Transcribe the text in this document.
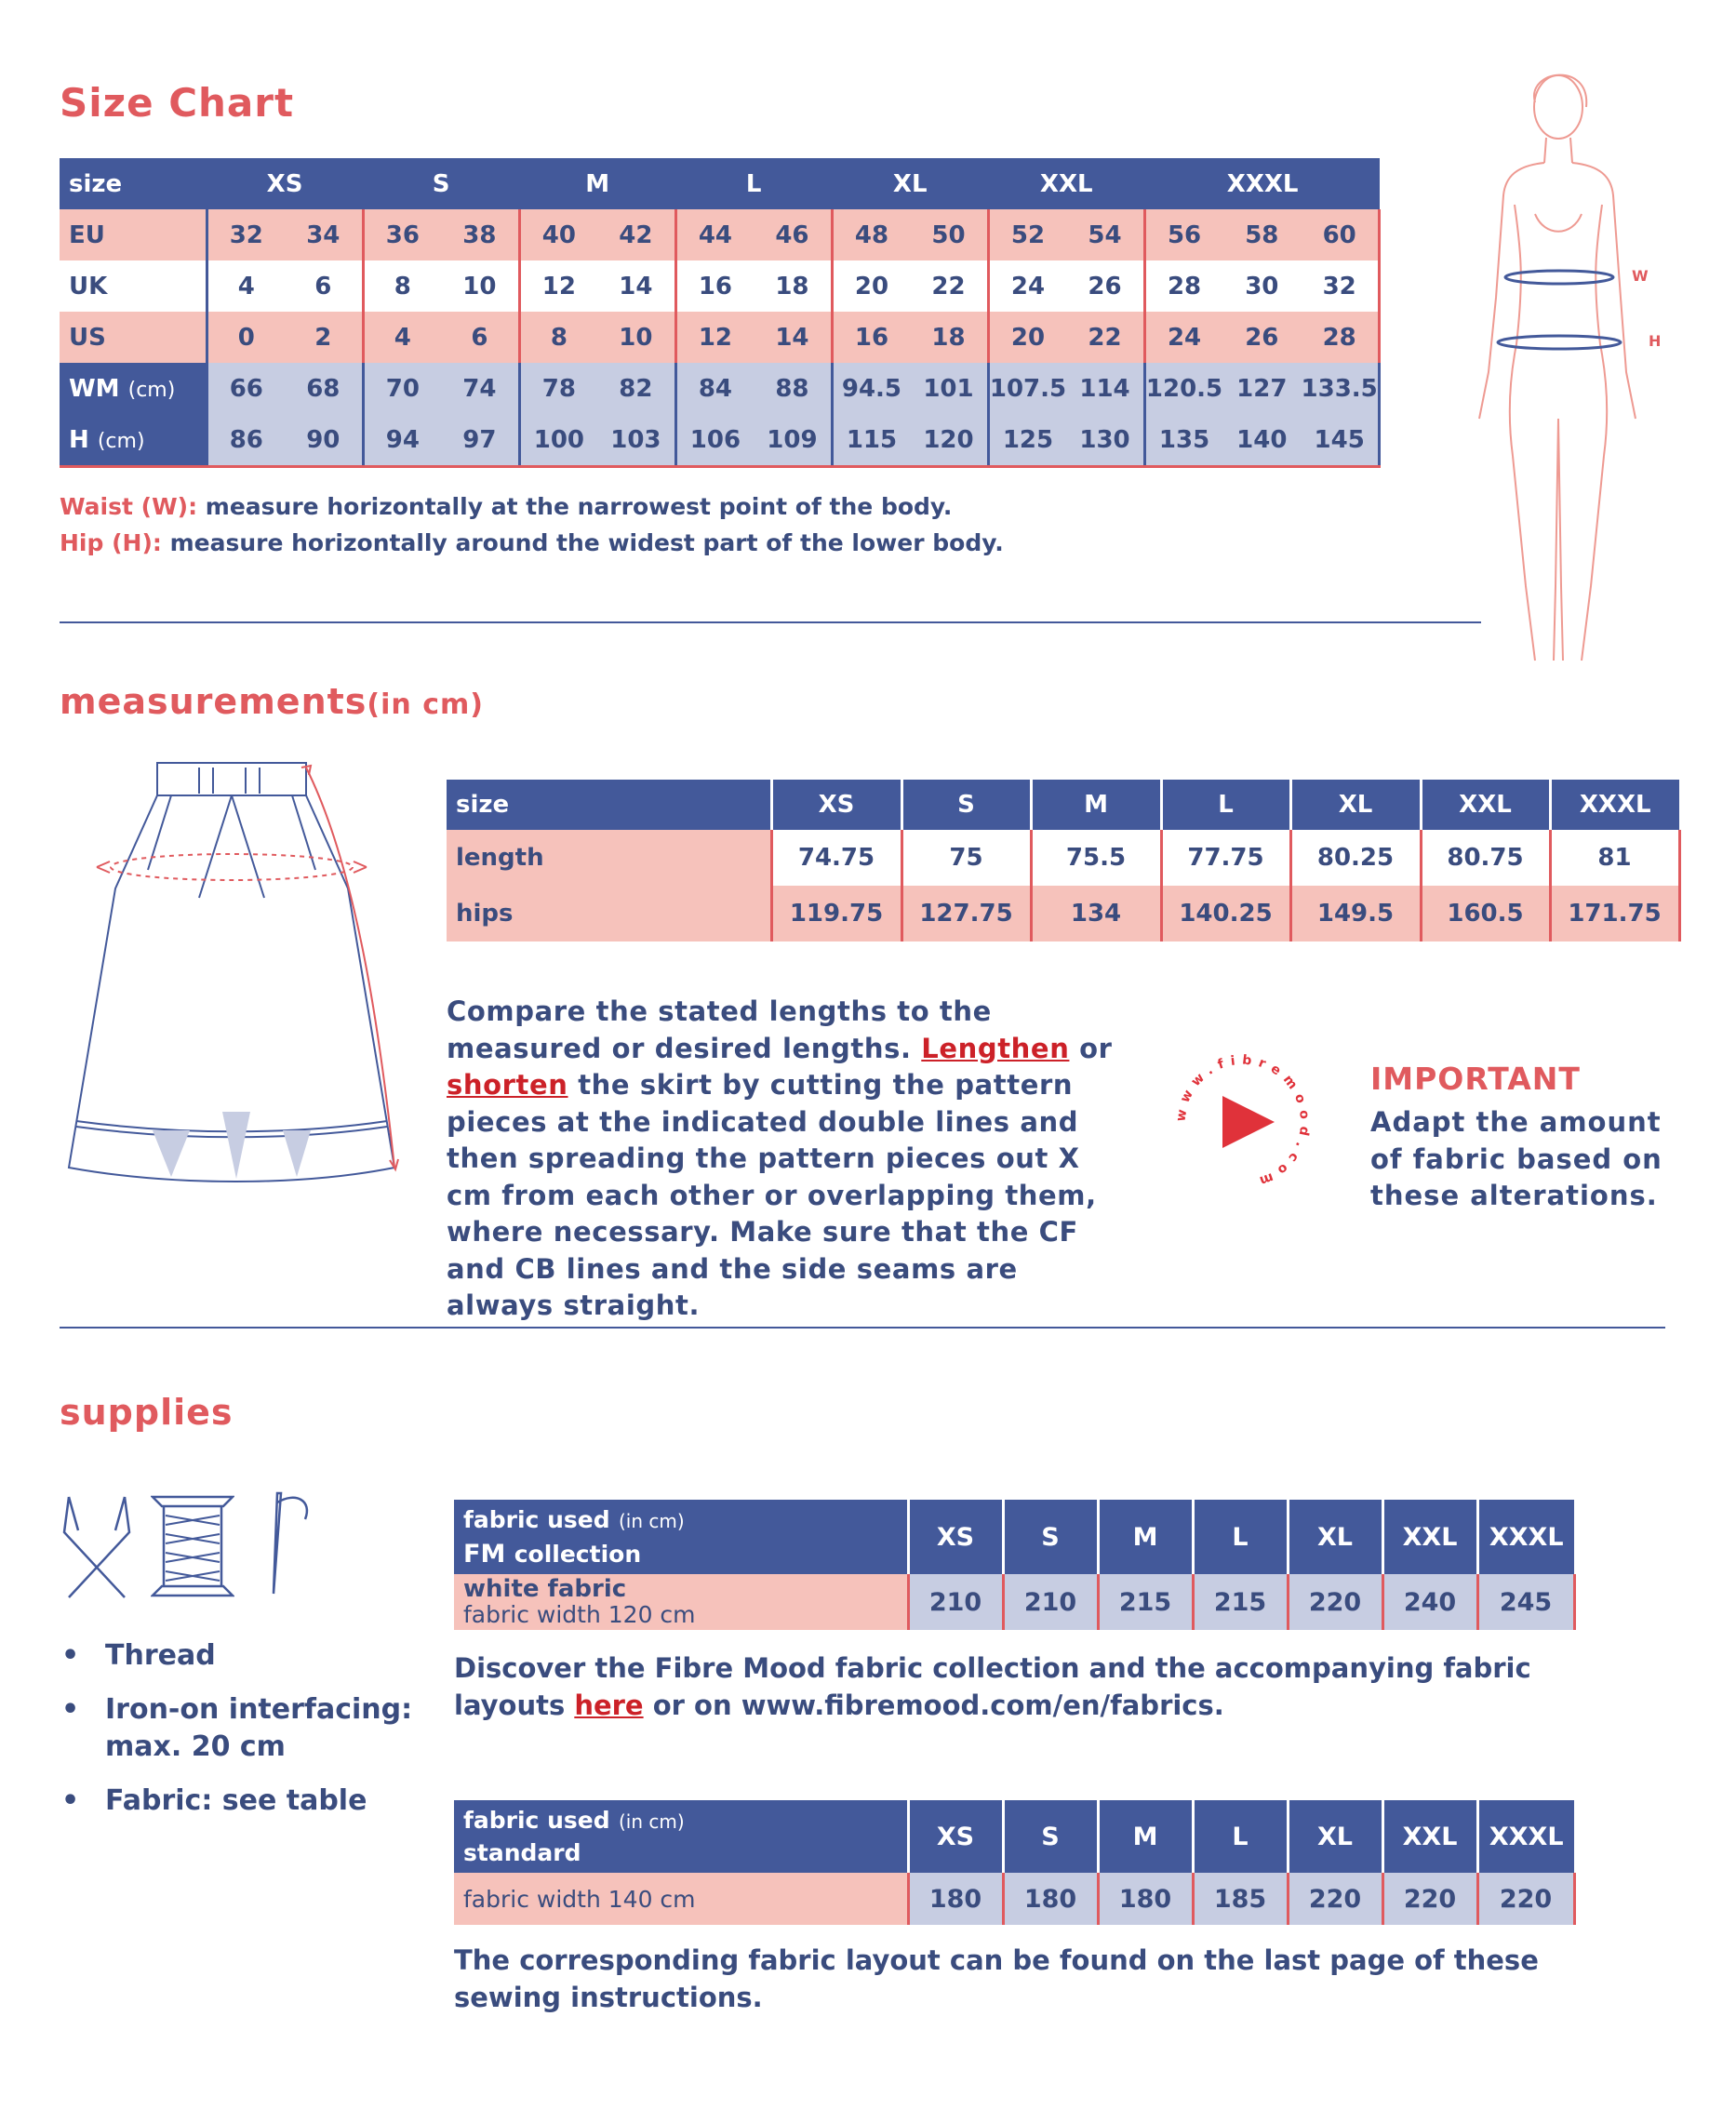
Size Chart
size	XS		S		M		L		XL		XXL		XXXL		
EU	32	34	36	38	40	42	44	46	48	50	52	54	56	58	60
UK	4	6	8	10	12	14	16	18	20	22	24	26	28	30	32
US	0	2	4	6	8	10	12	14	16	18	20	22	24	26	28
WM (cm)	66	68	70	74	78	82	84	88	94.5	101	107.5	114	120.5	127	133.5
H (cm)	86	90	94	97	100	103	106	109	115	120	125	130	135	140	145
W
H
Waist (W): measure horizontally at the narrowest point of the body.
Hip (H): measure horizontally around the widest part of the lower body.
measurements(in cm)
size	XS	S	M	L	XL	XXL	XXXL
length	74.75	75	75.5	77.75	80.25	80.75	81
hips	119.75	127.75	134	140.25	149.5	160.5	171.75
Compare the stated lengths to the measured or desired lengths. Lengthen or shorten the skirt by cutting the pattern pieces at the indicated double lines and then spreading the pattern pieces out X cm from each other or overlapping them, where necessary. Make sure that the CF and CB lines and the side seams are always straight.
www.fibremood.com
IMPORTANT
Adapt the amount of fabric based on these alterations.
supplies
• Thread
• Iron-on interfacing: max. 20 cm
• Fabric: see table
fabric used (in cm)
FM collection	XS	S	M	L	XL	XXL	XXXL

white fabric
fabric width 120 cm	210	210	215	215	220	240	245
Discover the Fibre Mood fabric collection and the accompanying fabric layouts here or on www.fibremood.com/en/fabrics.
fabric used (in cm)
standard	XS	S	M	L	XL	XXL	XXXL
fabric width 140 cm	180	180	180	185	220	220	220
The corresponding fabric layout can be found on the last page of these sewing instructions.
